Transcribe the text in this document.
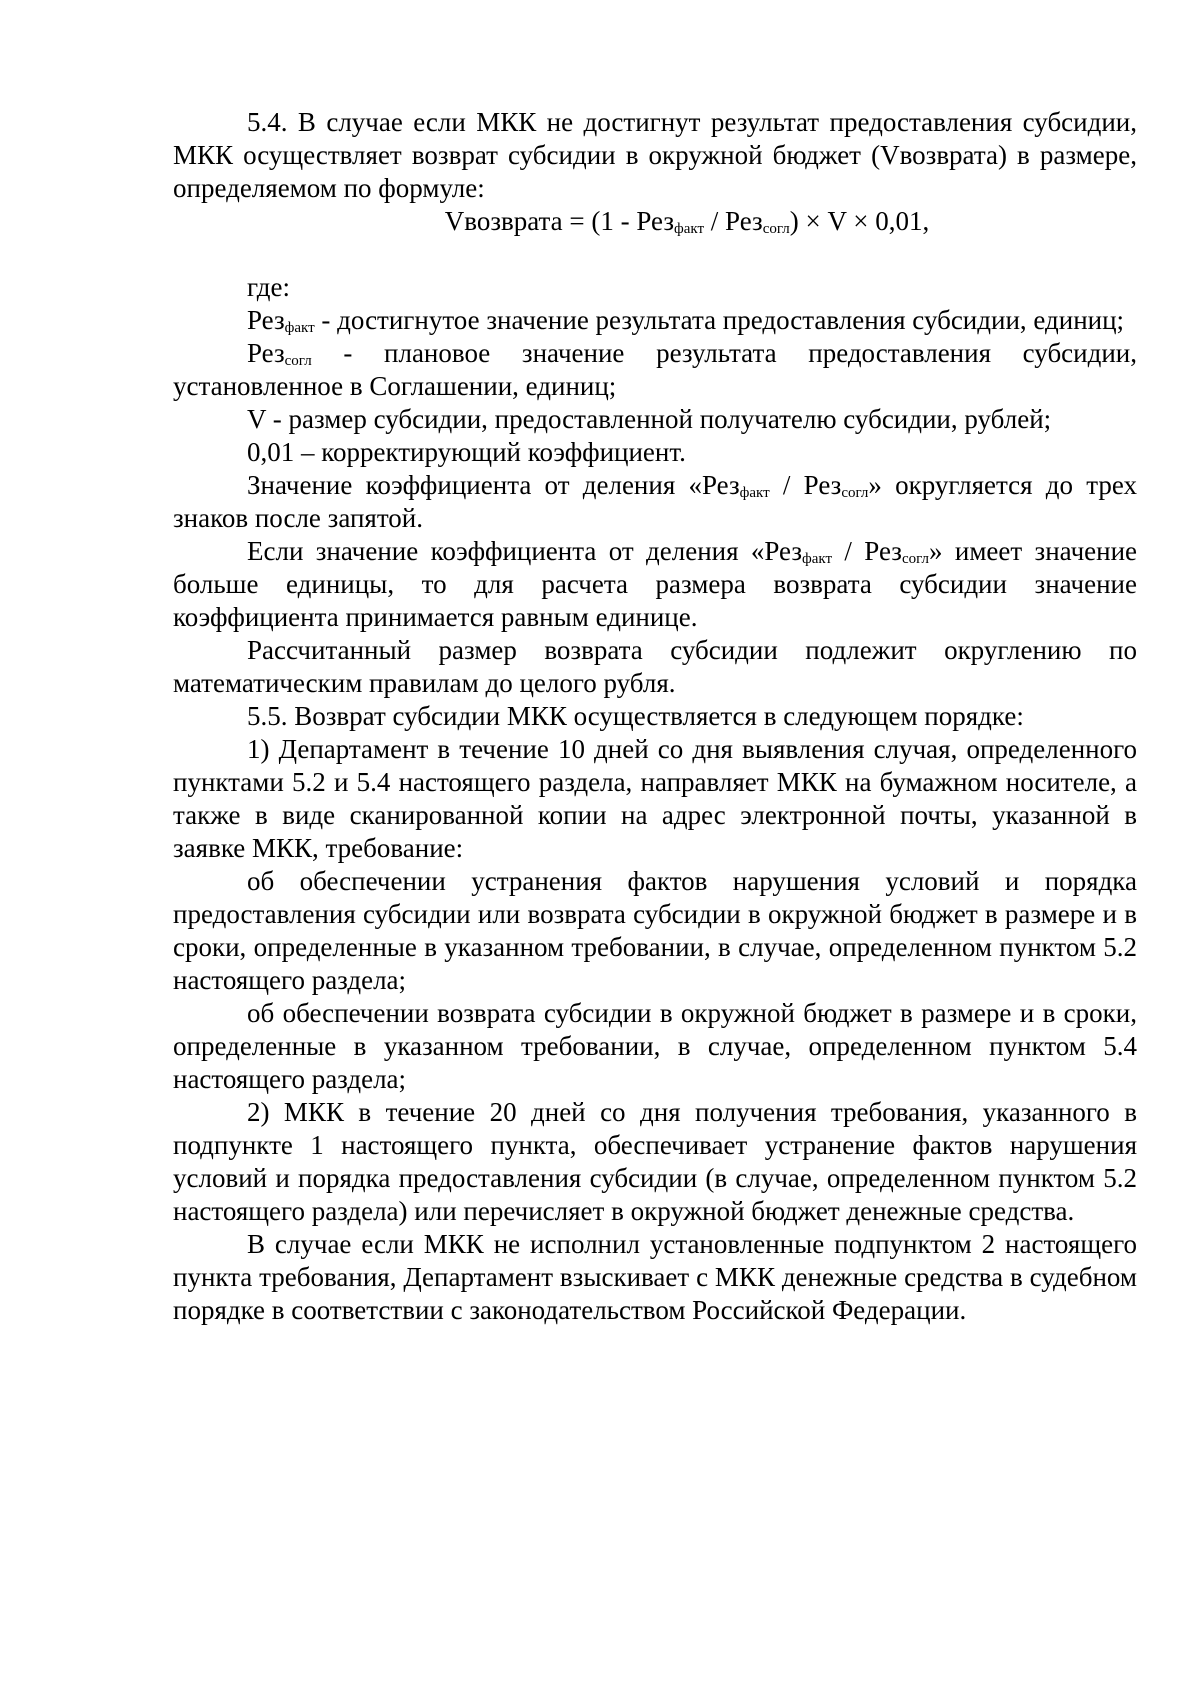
5.4. В случае если МКК не достигнут результат предоставления субсидии, МКК осуществляет возврат субсидии в окружной бюджет (Vвозврата) в размере, определяемом по формуле:

Vвозврата = (1 - Рез$_{факт}$ / Рез$_{согл}$) × V × 0,01,

где:

Рез$_{факт}$ - достигнутое значение результата предоставления субсидии, единиц;

Рез$_{согл}$ - плановое значение результата предоставления субсидии, установленное в Соглашении, единиц;

V - размер субсидии, предоставленной получателю субсидии, рублей;

0,01 – корректирующий коэффициент.

Значение коэффициента от деления «Рез$_{факт}$ / Рез$_{согл}$» округляется до трех знаков после запятой.

Если значение коэффициента от деления «Рез$_{факт}$ / Рез$_{согл}$» имеет значение больше единицы, то для расчета размера возврата субсидии значение коэффициента принимается равным единице.

Рассчитанный размер возврата субсидии подлежит округлению по математическим правилам до целого рубля.

5.5. Возврат субсидии МКК осуществляется в следующем порядке:

1) Департамент в течение 10 дней со дня выявления случая, определенного пунктами 5.2 и 5.4 настоящего раздела, направляет МКК на бумажном носителе, а также в виде сканированной копии на адрес электронной почты, указанной в заявке МКК, требование:

об обеспечении устранения фактов нарушения условий и порядка предоставления субсидии или возврата субсидии в окружной бюджет в размере и в сроки, определенные в указанном требовании, в случае, определенном пунктом 5.2 настоящего раздела;

об обеспечении возврата субсидии в окружной бюджет в размере и в сроки, определенные в указанном требовании, в случае, определенном пунктом 5.4 настоящего раздела;

2) МКК в течение 20 дней со дня получения требования, указанного в подпункте 1 настоящего пункта, обеспечивает устранение фактов нарушения условий и порядка предоставления субсидии (в случае, определенном пунктом 5.2 настоящего раздела) или перечисляет в окружной бюджет денежные средства.

В случае если МКК не исполнил установленные подпунктом 2 настоящего пункта требования, Департамент взыскивает с МКК денежные средства в судебном порядке в соответствии с законодательством Российской Федерации.
